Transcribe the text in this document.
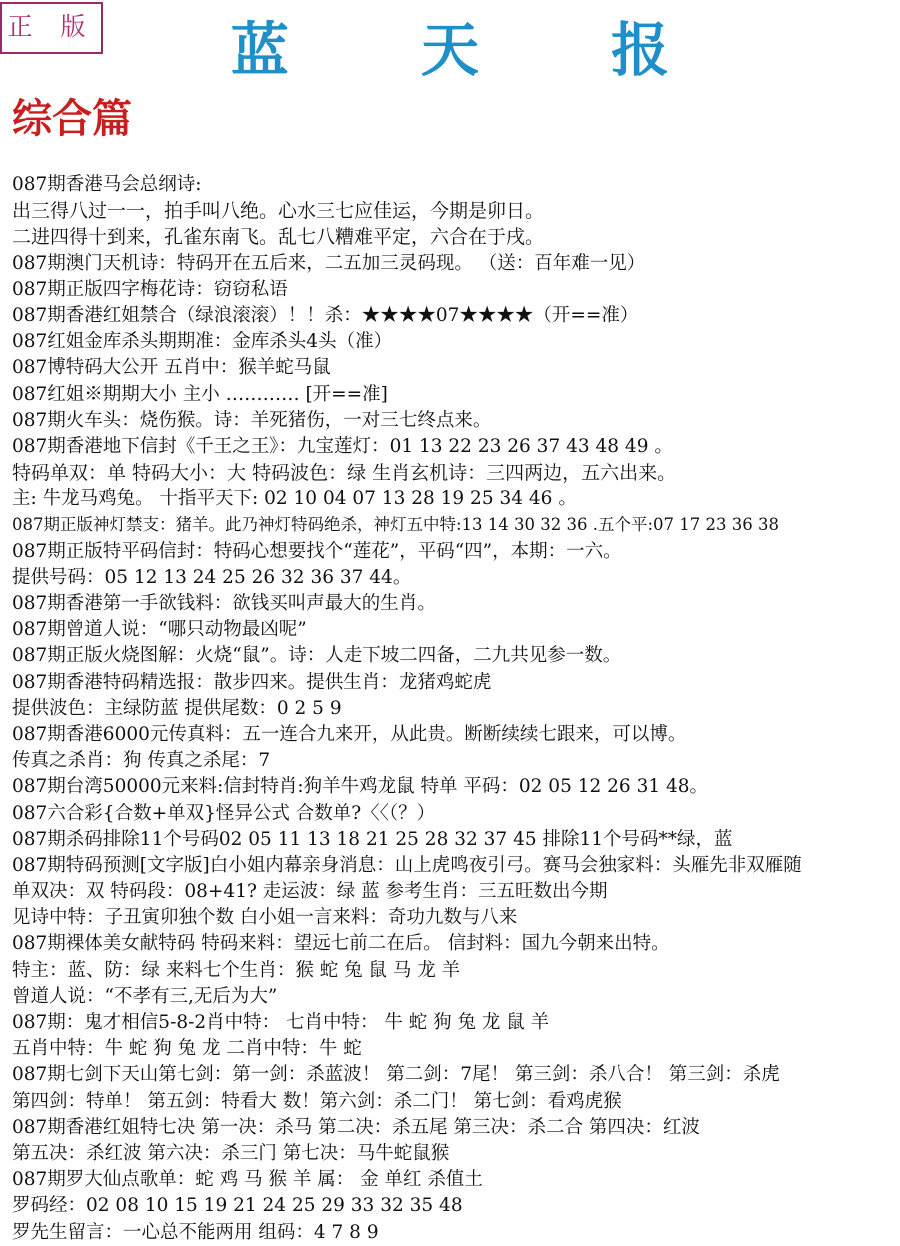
正 版	蓝 天 报
综合篇
087期香港马会总纲诗:
出三得八过一一，拍手叫八绝。心水三七应佳运，今期是卯日。
二进四得十到来，孔雀东南飞。乱七八糟难平定，六合在于戌。
087期澳门天机诗：特码开在五后来，二五加三灵码现。 （送：百年难一见）
087期正版四字梅花诗：窃窃私语
087期香港红姐禁合（绿浪滚滚）！！杀：★★★★07★★★★（开==准）
087红姐金库杀头期期准：金库杀头4头（准）
087博特码大公开 五肖中：猴羊蛇马鼠
087红姐※期期大小 主小 ………… [开==准]
087期火车头：烧伤猴。诗：羊死猪伤，一对三七终点来。
087期香港地下信封《千王之王》：九宝莲灯：01 13 22 23 26 37 43 48 49 。
特码单双：单 特码大小：大 特码波色：绿 生肖玄机诗：三四两边，五六出来。
主: 牛龙马鸡兔。 十指平天下: 02 10 04 07 13 28 19 25 34 46 。
087期正版神灯禁支：猪羊。此乃神灯特码绝杀，神灯五中特:13 14 30 32 36 .五个平:07 17 23 36 38
087期正版特平码信封：特码心想要找个“莲花”，平码“四”，本期：一六。
提供号码：05 12 13 24 25 26 32 36 37 44。
087期香港第一手欲钱料：欲钱买叫声最大的生肖。
087期曾道人说：“哪只动物最凶呢”
087期正版火烧图解：火烧“鼠”。诗：人走下坡二四备，二九共见参一数。
087期香港特码精选报：散步四来。提供生肖：龙猪鸡蛇虎
提供波色：主绿防蓝 提供尾数：0 2 5 9
087期香港6000元传真料：五一连合九来开，从此贵。断断续续七跟来，可以博。
传真之杀肖：狗 传真之杀尾：7
087期台湾50000元来料:信封特肖:狗羊牛鸡龙鼠 特单 平码：02 05 12 26 31 48。
087六合彩{合数+单双}怪异公式 合数单?〈〈（？）
087期杀码排除11个号码02 05 11 13 18 21 25 28 32 37 45 排除11个号码**绿，蓝
087期特码预测[文字版]白小姐内幕亲身消息：山上虎鸣夜引弓。赛马会独家料：头雁先非双雁随
单双决：双 特码段：08+41? 走运波：绿 蓝 参考生肖：三五旺数出今期
见诗中特：子丑寅卯独个数 白小姐一言来料：奇功九数与八来
087期裸体美女献特码 特码来料：望远七前二在后。 信封料：国九今朝来出特。
特主：蓝、防：绿 来料七个生肖：猴 蛇 兔 鼠 马 龙 羊
曾道人说：“不孝有三,无后为大”
087期：鬼才相信5-8-2肖中特： 七肖中特： 牛 蛇 狗 兔 龙 鼠 羊
五肖中特：牛 蛇 狗 兔 龙 二肖中特：牛 蛇
087期七剑下天山第七剑：第一剑：杀蓝波！ 第二剑：7尾！ 第三剑：杀八合！ 第三剑：杀虎
第四剑：特单！ 第五剑：特看大 数！第六剑：杀二门！ 第七剑：看鸡虎猴
087期香港红姐特七决 第一决：杀马 第二决：杀五尾 第三决：杀二合 第四决：红波
第五决：杀红波 第六决：杀三门 第七决：马牛蛇鼠猴
087期罗大仙点歌单：蛇 鸡 马 猴 羊 属： 金 单红 杀值土
罗码经：02 08 10 15 19 21 24 25 29 33 32 35 48
罗先生留言：一心总不能两用 组码：4 7 8 9
